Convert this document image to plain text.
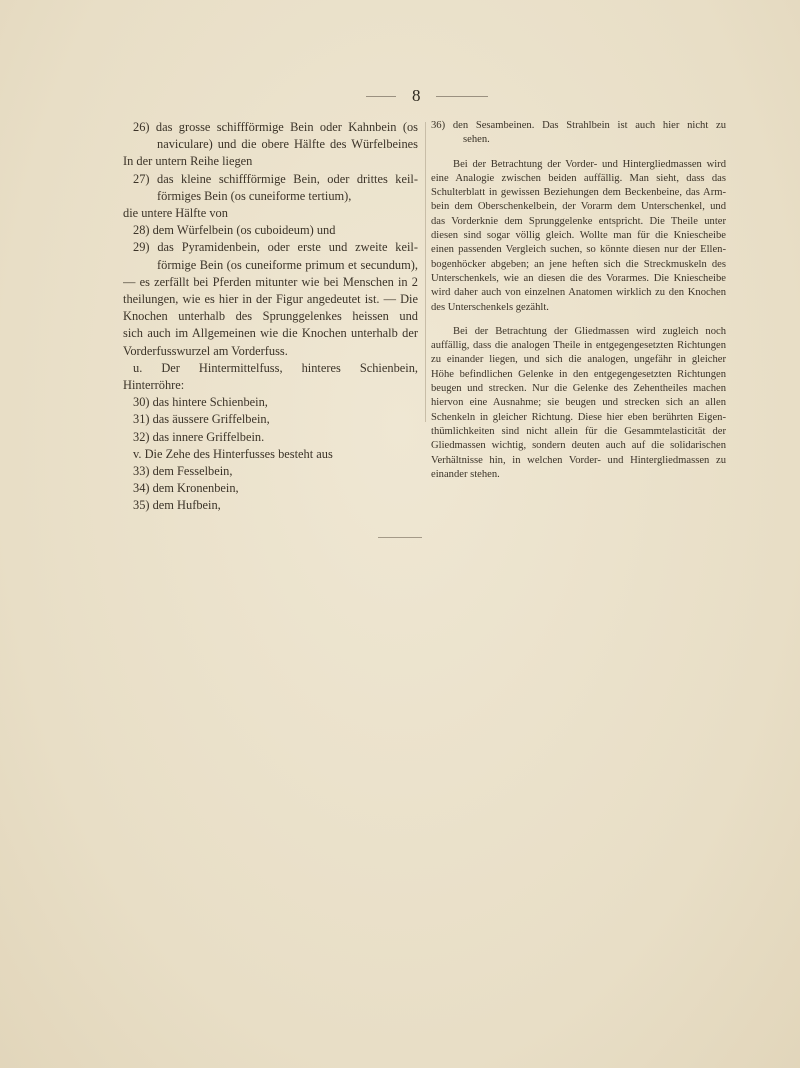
8
26) das grosse schiffförmige Bein oder Kahnbein (os
naviculare) und die obere Hälfte des Würfelbeines
In der untern Reihe liegen
27) das kleine schiffförmige Bein, oder drittes keil-
förmiges Bein (os cuneiforme tertium),
die untere Hälfte von
28) dem Würfelbein (os cuboideum) und
29) das Pyramidenbein, oder erste und zweite keil-
förmige Bein (os cuneiforme primum et secundum),
— es zerfällt bei Pferden mitunter wie bei Menschen in 2
theilungen, wie es hier in der Figur angedeutet ist. — Die
Knochen unterhalb des Sprunggelenkes heissen und
sich auch im Allgemeinen wie die Knochen unterhalb der
Vorderfusswurzel am Vorderfuss.
u. Der Hintermittelfuss, hinteres Schienbein,
Hinterröhre:
30) das hintere Schienbein,
31) das äussere Griffelbein,
32) das innere Griffelbein.
v. Die Zehe des Hinterfusses besteht aus
33) dem Fesselbein,
34) dem Kronenbein,
35) dem Hufbein,
36) den Sesambeinen. Das Strahlbein ist auch hier nicht zu
sehen.
Bei der Betrachtung der Vorder- und Hintergliedmassen wird
eine Analogie zwischen beiden auffällig. Man sieht, dass das
Schulterblatt in gewissen Beziehungen dem Beckenbeine, das Arm-
bein dem Oberschenkelbein, der Vorarm dem Unterschenkel, und
das Vorderknie dem Sprunggelenke entspricht. Die Theile unter
diesen sind sogar völlig gleich. Wollte man für die Kniescheibe
einen passenden Vergleich suchen, so könnte diesen nur der Ellen-
bogenhöcker abgeben; an jene heften sich die Streckmuskeln des
Unterschenkels, wie an diesen die des Vorarmes. Die Kniescheibe
wird daher auch von einzelnen Anatomen wirklich zu den Knochen
des Unterschenkels gezählt.
Bei der Betrachtung der Gliedmassen wird zugleich noch
auffällig, dass die analogen Theile in entgegengesetzten Richtungen
zu einander liegen, und sich die analogen, ungefähr in gleicher
Höhe befindlichen Gelenke in den entgegengesetzten Richtungen
beugen und strecken. Nur die Gelenke des Zehentheiles machen
hiervon eine Ausnahme; sie beugen und strecken sich an allen
Schenkeln in gleicher Richtung. Diese hier eben berührten Eigen-
thümlichkeiten sind nicht allein für die Gesammtelasticität der
Gliedmassen wichtig, sondern deuten auch auf die solidarischen
Verhältnisse hin, in welchen Vorder- und Hintergliedmassen zu
einander stehen.
